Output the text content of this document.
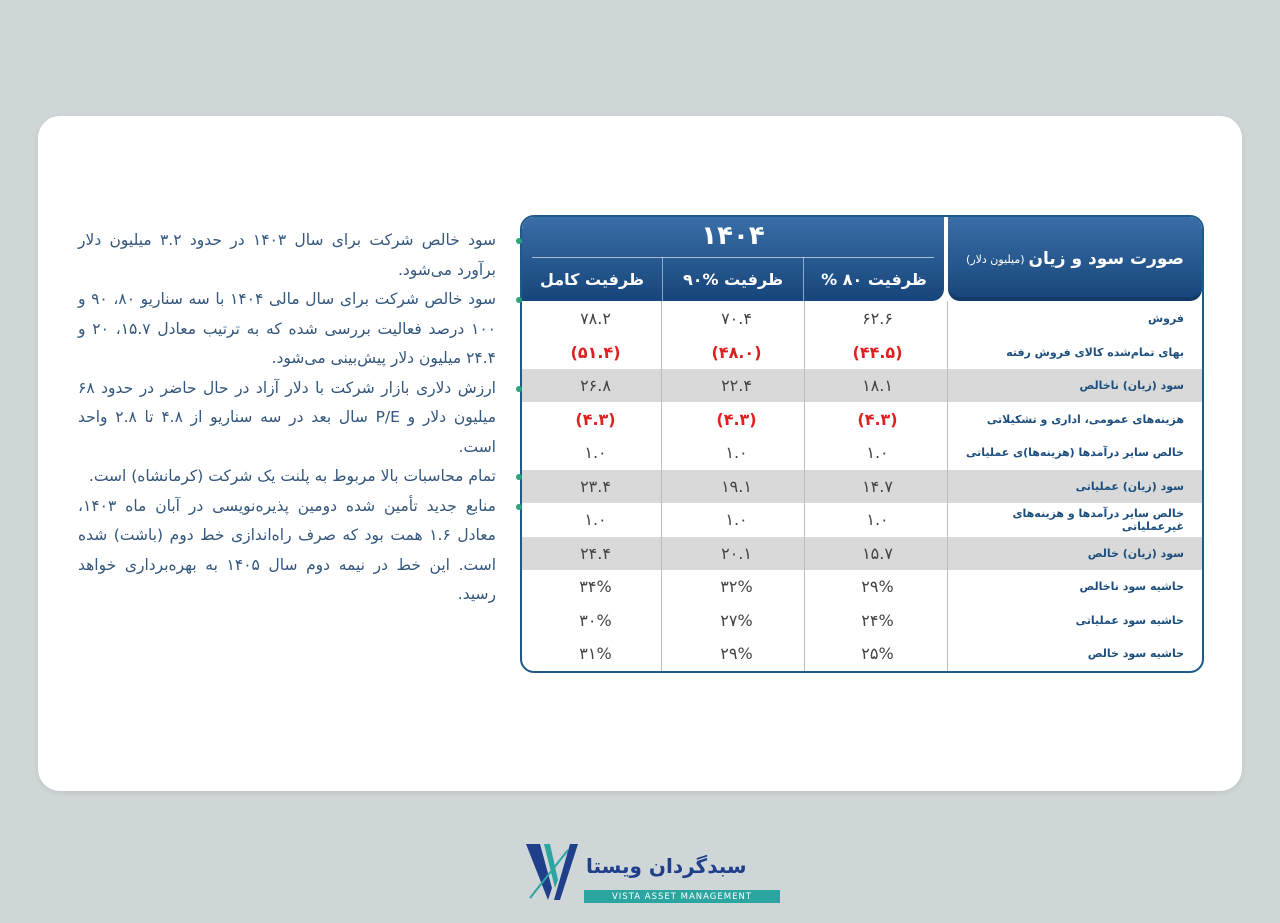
صورت سود و زیان
(میلیون دلار)
۱۴۰۴
ظرفیت ۸۰ %
ظرفیت %۹۰
ظرفیت کامل
فروش
۶۲.۶
۷۰.۴
۷۸.۲
بهای تمام‌شده کالای فروش رفته
(۴۴.۵)
(۴۸.۰)
(۵۱.۴)
سود (زیان) ناخالص
۱۸.۱
۲۲.۴
۲۶.۸
هزینه‌های عمومی، اداری و تشکیلاتی
(۴.۳)
(۴.۳)
(۴.۳)
خالص سایر درآمدها (هزینه‌ها)ی عملیاتی
۱.۰
۱.۰
۱.۰
سود (زیان) عملیاتی
۱۴.۷
۱۹.۱
۲۳.۴
خالص سایر درآمدها و هزینه‌های غیرعملیاتی
۱.۰
۱.۰
۱.۰
سود (زیان) خالص
۱۵.۷
۲۰.۱
۲۴.۴
حاشیه سود ناخالص
۲۹%
۳۲%
۳۴%
حاشیه سود عملیاتی
۲۴%
۲۷%
۳۰%
حاشیه سود خالص
۲۵%
۲۹%
۳۱%
سود خالص شرکت برای سال ۱۴۰۳ در حدود ۳.۲ میلیون دلار برآورد می‌شود.
سود خالص شرکت برای سال مالی ۱۴۰۴ با سه سناریو ۸۰، ۹۰ و ۱۰۰ درصد فعالیت بررسی شده که به ترتیب معادل ۱۵.۷، ۲۰ و ۲۴.۴ میلیون دلار پیش‌بینی می‌شود.
ارزش دلاری بازار شرکت با دلار آزاد در حال حاضر در حدود ۶۸ میلیون دلار و P/E سال بعد در سه سناریو از ۴.۸ تا ۲.۸ واحد است.
تمام محاسبات بالا مربوط به پلنت یک شرکت (کرمانشاه) است.
منابع جدید تأمین شده دومین پذیره‌نویسی در آبان ماه ۱۴۰۳، معادل ۱.۶ همت بود که صرف راه‌اندازی خط دوم (باشت) شده است. این خط در نیمه دوم سال ۱۴۰۵ به بهره‌برداری خواهد رسید.
سبدگردان ویستا
VISTA ASSET MANAGEMENT
